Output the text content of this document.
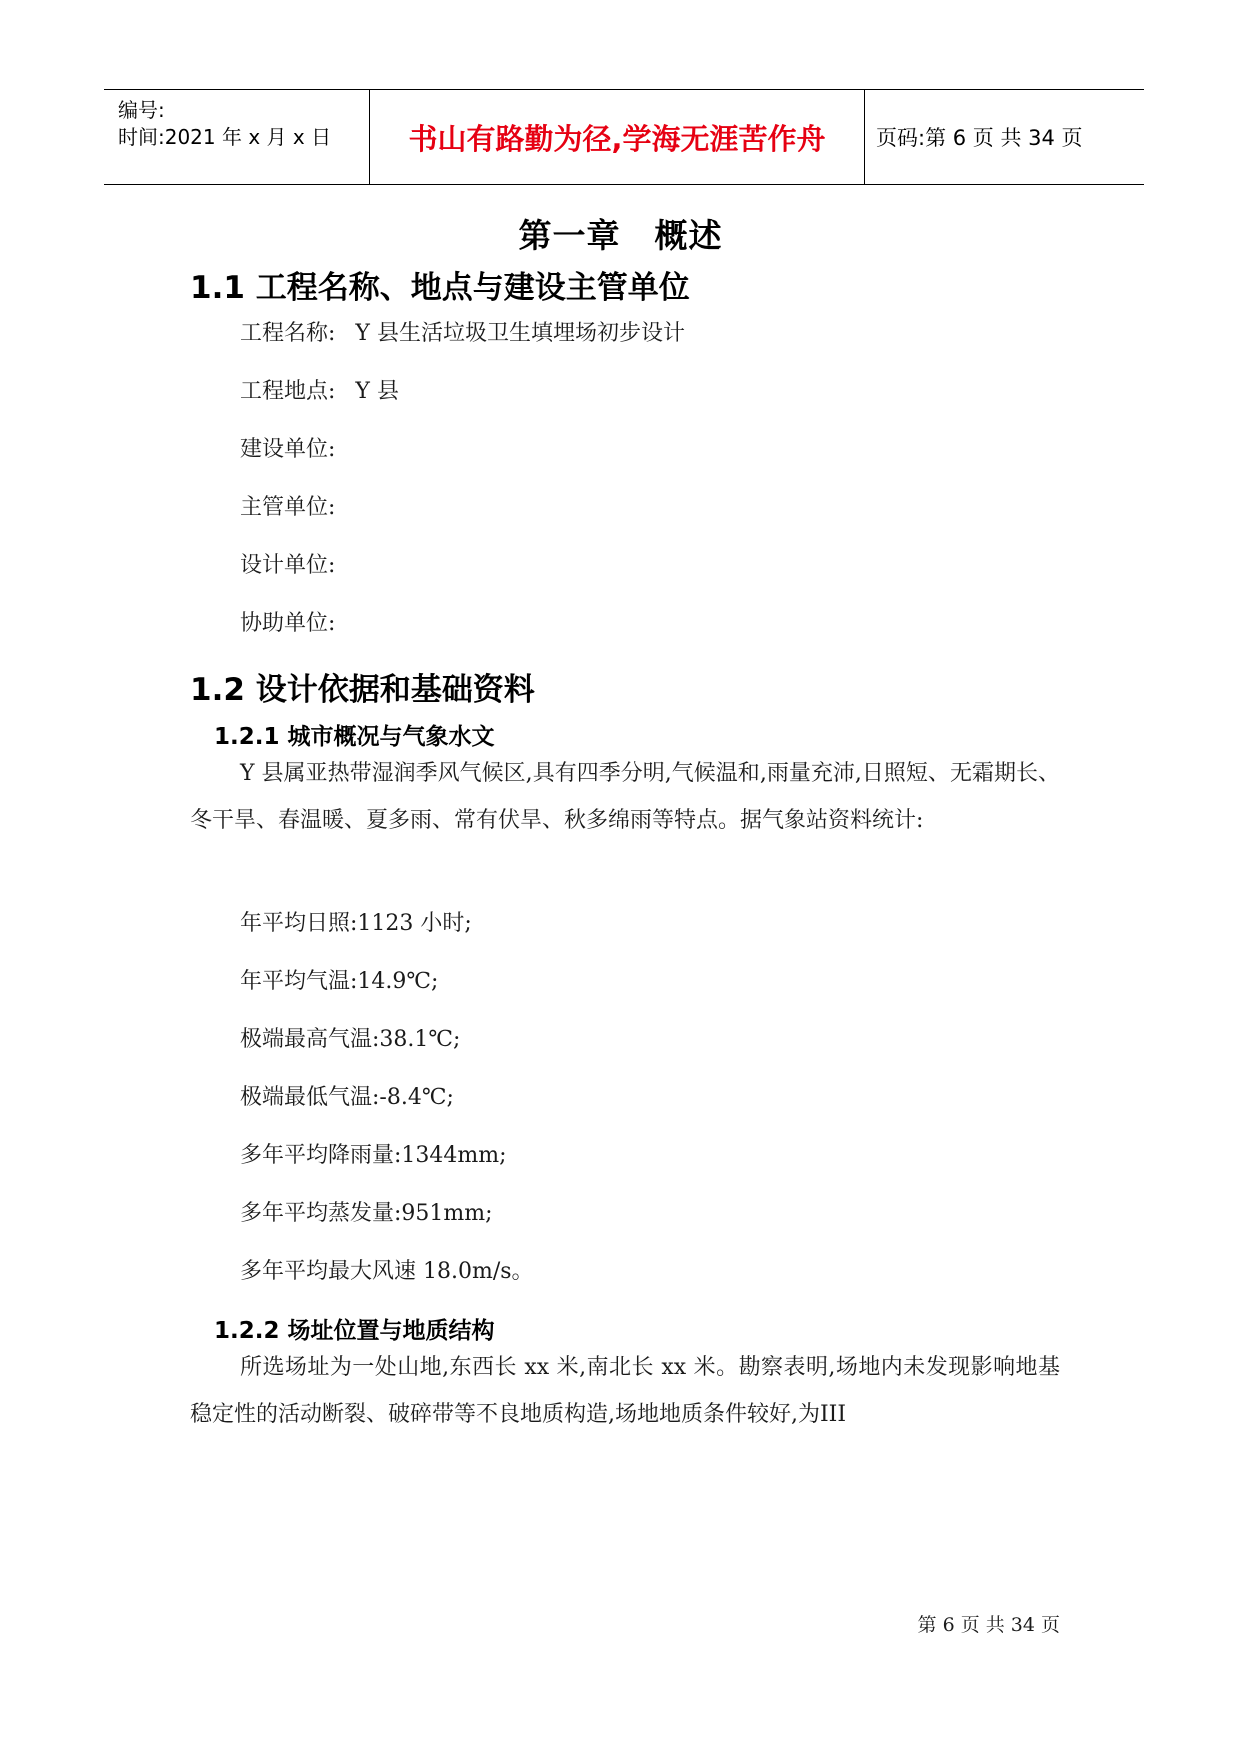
编号:
时间:2021 年 x 月 x 日	书山有路勤为径,学海无涯苦作舟	页码:第 6 页 共 34 页
第一章 概述
1.1 工程名称、地点与建设主管单位
工程名称: Y 县生活垃圾卫生填埋场初步设计
工程地点: Y 县
建设单位:
主管单位:
设计单位:
协助单位:
1.2 设计依据和基础资料
1.2.1 城市概况与气象水文

Y 县属亚热带湿润季风气候区,具有四季分明,气候温和,雨量充沛,日照短、无霜期长、冬干旱、春温暖、夏多雨、常有伏旱、秋多绵雨等特点。据气象站资料统计:

年平均日照:1123 小时;
年平均气温:14.9℃;
极端最高气温:38.1℃;
极端最低气温:-8.4℃;
多年平均降雨量:1344mm;
多年平均蒸发量:951mm;
多年平均最大风速 18.0m/s。
1.2.2 场址位置与地质结构

所选场址为一处山地,东西长 xx 米,南北长 xx 米。勘察表明,场地内未发现影响地基稳定性的活动断裂、破碎带等不良地质构造,场地地质条件较好,为III

第 6 页 共 34 页
